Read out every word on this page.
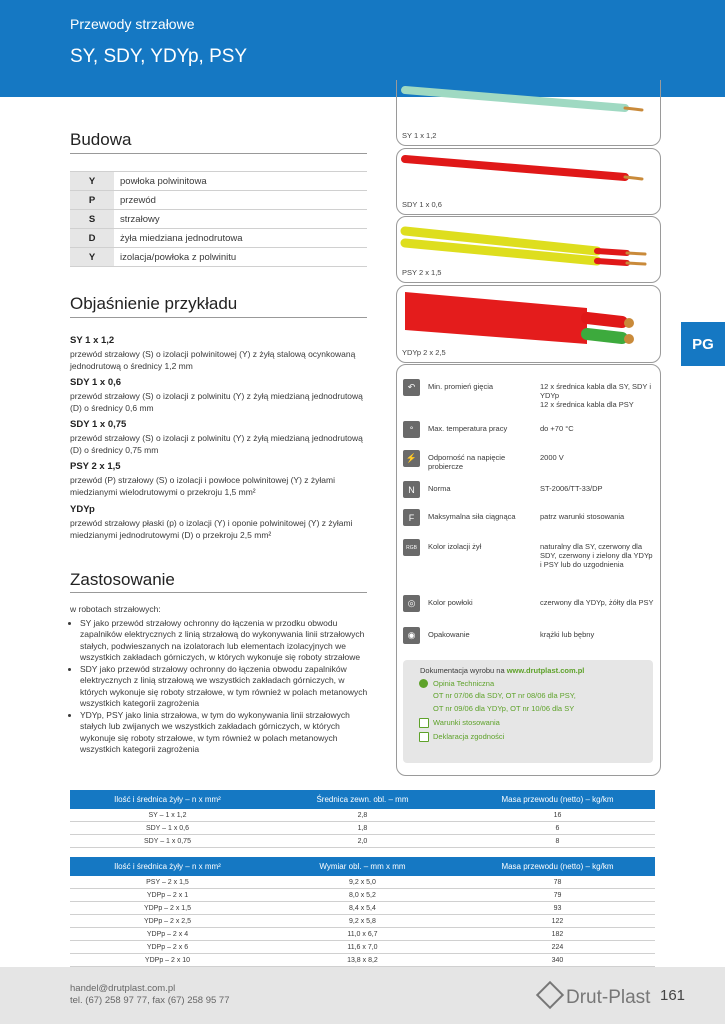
Przewody strzałowe
SY, SDY, YDYp, PSY
PG
Budowa
Y	powłoka polwinitowa
P	przewód
S	strzałowy
D	żyła miedziana jednodrutowa
Y	izolacja/powłoka z polwinitu
Objaśnienie przykładu
SY 1 x 1,2
przewód strzałowy (S) o izolacji polwinitowej (Y) z żyłą stalową ocynkowaną jednodrutową o średnicy 1,2 mm
SDY 1 x 0,6
przewód strzałowy (S) o izolacji z polwinitu (Y) z żyłą miedzianą jednodrutową (D) o średnicy 0,6 mm
SDY 1 x 0,75
przewód strzałowy (S) o izolacji z polwinitu (Y) z żyłą miedzianą jednodrutową (D) o średnicy 0,75 mm
PSY 2 x 1,5
przewód (P) strzałowy (S) o izolacji i powłoce polwinitowej (Y) z żyłami miedzianymi wielodrutowymi o przekroju 1,5 mm²
YDYp
przewód strzałowy płaski (p) o izolacji (Y) i oponie polwinitowej (Y) z żyłami miedzianymi jednodrutowymi (D) o przekroju 2,5 mm²
Zastosowanie
w robotach strzałowych:
• SY jako przewód strzałowy ochronny do łączenia w przodku obwodu zapalników elektrycznych z linią strzałową do wykonywania linii strzałowych stałych, podwieszanych na izolatorach lub elementach izolacyjnych we wszystkich zakładach górniczych, w których wykonuje się roboty strzałowe
• SDY jako przewód strzałowy ochronny do łączenia obwodu zapalników elektrycznych z linią strzałową we wszystkich zakładach górniczych, w których wykonuje się roboty strzałowe, w tym również w polach metanowych wszystkich kategorii zagrożenia
• YDYp, PSY jako linia strzałowa, w tym do wykonywania linii strzałowych stałych lub zwijanych we wszystkich zakładach górniczych, w których wykonuje się roboty strzałowe, w tym również w polach metanowych wszystkich kategorii zagrożenia
SY 1 x 1,2
SDY 1 x 0,6
PSY 2 x 1,5
YDYp 2 x 2,5
↶	Min. promień gięcia	12 x średnica kabla dla SY, SDY i YDYp
12 x średnica kabla dla PSY
°	Max. temperatura pracy	do +70 °C
⚡	Odporność na napięcie probiercze
2000 V
N	Norma	ST-2006/TT-33/DP
F	Maksymalna siła ciągnąca	patrz warunki stosowania
RGB	Kolor izolacji żył	naturalny dla SY, czerwony dla SDY, czerwony i zielony dla YDYp i PSY lub do uzgodnienia
◎	Kolor powłoki	czerwony dla YDYp, żółty dla PSY
◉	Opakowanie	krążki lub bębny
Dokumentacja wyrobu na www.drutplast.com.pl
Opinia Techniczna
OT nr 07/06 dla SDY, OT nr 08/06 dla PSY,
OT nr 09/06 dla YDYp, OT nr 10/06 dla SY
Warunki stosowania
Deklaracja zgodności
Ilość i średnica żyły – n x mm²	Średnica zewn. obl. – mm	Masa przewodu (netto) – kg/km
SY – 1 x 1,2	2,8	16
SDY – 1 x 0,6	1,8	6
SDY – 1 x 0,75	2,0	8
Ilość i średnica żyły – n x mm²	Wymiar obl. – mm x mm	Masa przewodu (netto) – kg/km
PSY – 2 x 1,5	9,2 x 5,0	78
YDPp – 2 x 1	8,0 x 5,2	79
YDPp – 2 x 1,5	8,4 x 5,4	93
YDPp – 2 x 2,5	9,2 x 5,8	122
YDPp – 2 x 4	11,0 x 6,7	182
YDPp – 2 x 6	11,6 x 7,0	224
YDPp – 2 x 10	13,8 x 8,2	340
handel@drutplast.com.pl
tel. (67) 258 97 77, fax (67) 258 95 77	Drut-Plast 161
